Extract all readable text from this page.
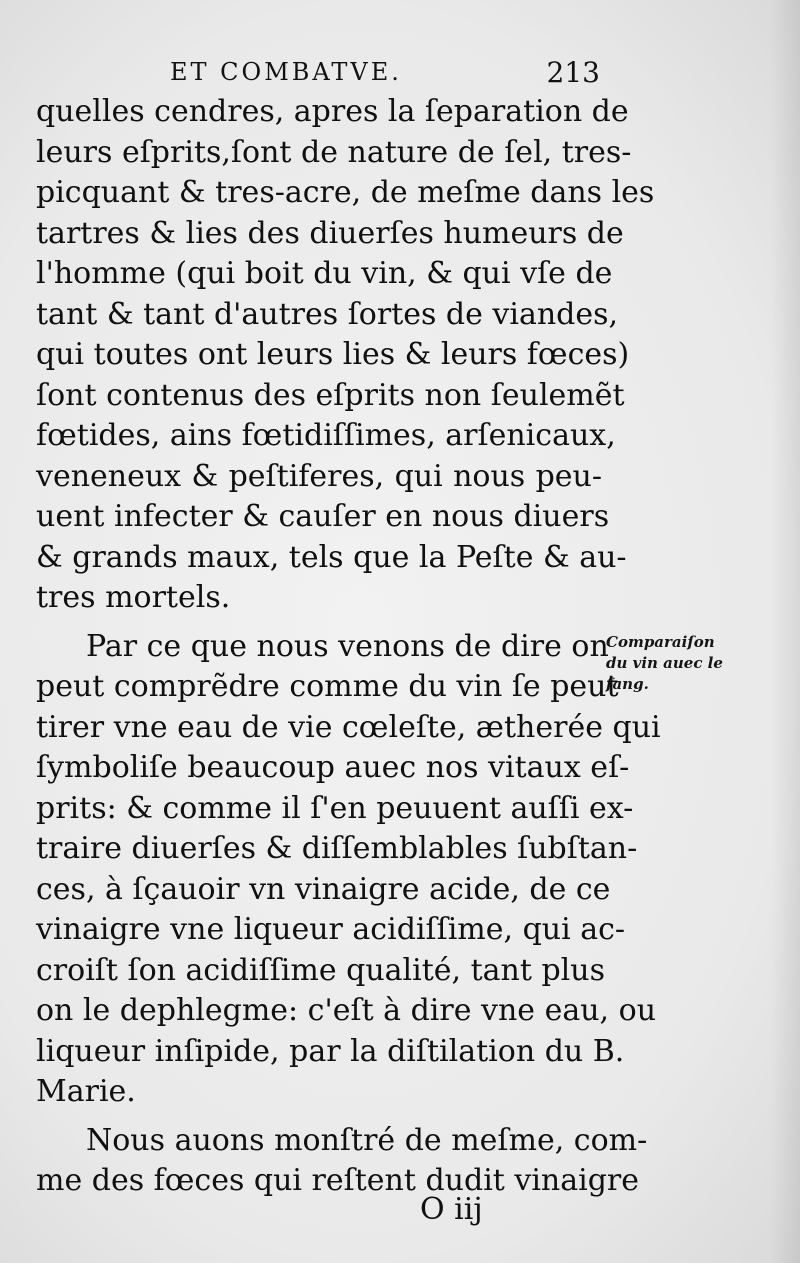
ET COMBATVE.	213
quelles cendres, apres la ſeparation de
leurs eſprits,ſont de nature de ſel, tres-
picquant & tres-acre, de meſme dans les
tartres & lies des diuerſes humeurs de
l'homme (qui boit du vin, & qui vſe de
tant & tant d'autres ſortes de viandes,
qui toutes ont leurs lies & leurs fœces)
ſont contenus des eſprits non ſeulemẽt
fœtides, ains fœtidiſſimes, arſenicaux,
veneneux & peſtiferes, qui nous peu-
uent infecter & cauſer en nous diuers
& grands maux, tels que la Peſte & au-
tres mortels.
Par ce que nous venons de dire on
peut comprẽdre comme du vin ſe peut
tirer vne eau de vie cœleſte, ætherée qui
ſymboliſe beaucoup auec nos vitaux eſ-
prits: & comme il ſ'en peuuent auſſi ex-
traire diuerſes & diſſemblables ſubſtan-
ces, à ſçauoir vn vinaigre acide, de ce
vinaigre vne liqueur acidiſſime, qui ac-
croiſt ſon acidiſſime qualité, tant plus
on le dephlegme: c'eſt à dire vne eau, ou
liqueur inſipide, par la diſtilation du B.
Marie.
Nous auons monſtré de meſme, com-
me des fœces qui reſtent dudit vinaigre
Comparaiſon
du vin auec le
ſang.
O iij
